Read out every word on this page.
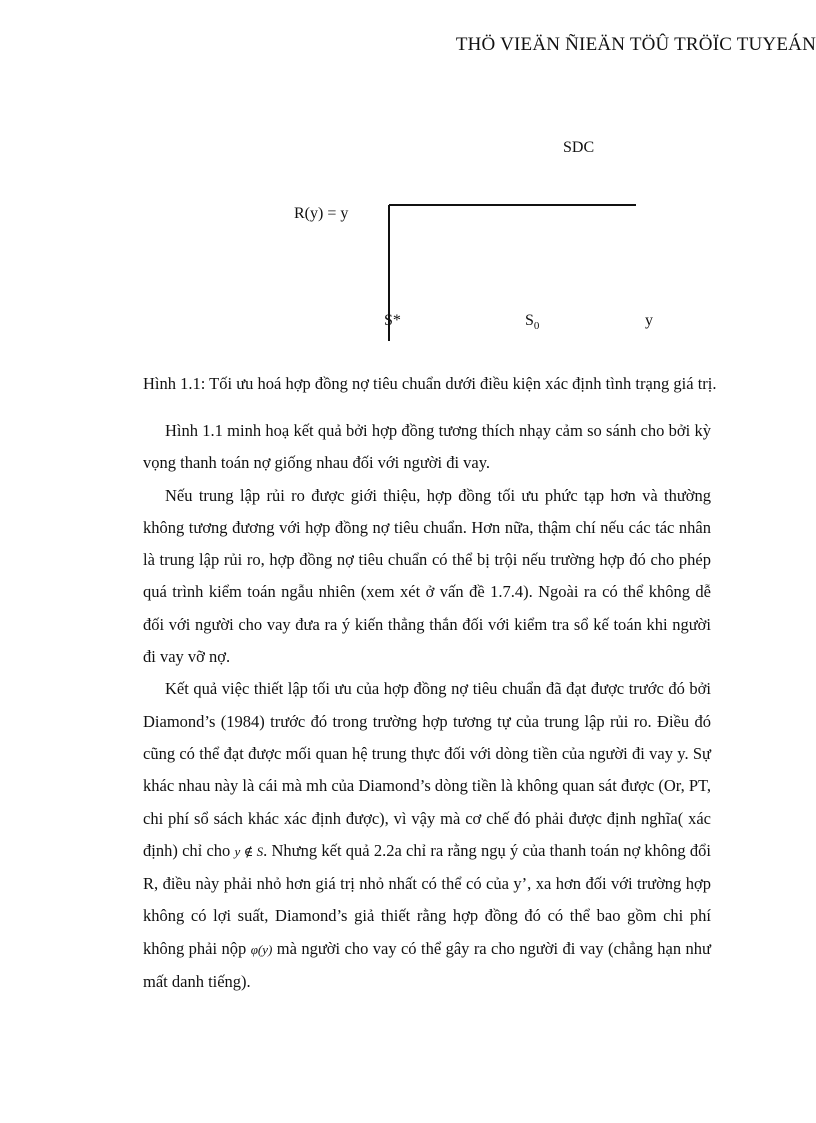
THÖ VIEÄN ÑIEÄN TÖÛ TRÖÏC TUYEÁN
SDC
R(y) = y
S*	$S_0$	y
Hình 1.1: Tối ưu hoá hợp đồng nợ tiêu chuẩn dưới điều kiện xác định tình trạng giá trị.

Hình 1.1 minh hoạ kết quả bởi hợp đồng tương thích nhạy cảm so sánh cho bởi kỳ vọng thanh toán nợ giống nhau đối với người đi vay.

Nếu trung lập rủi ro được giới thiệu, hợp đồng tối ưu phức tạp hơn và thường không tương đương với hợp đồng nợ tiêu chuẩn. Hơn nữa, thậm chí nếu các tác nhân là trung lập rủi ro, hợp đồng nợ tiêu chuẩn có thể bị trội nếu trường hợp đó cho phép quá trình kiểm toán ngẫu nhiên (xem xét ở vấn đề 1.7.4). Ngoài ra có thể không dễ đối với người cho vay đưa ra ý kiến thẳng thắn đối với kiểm tra sổ kế toán khi người đi vay vỡ nợ.

Kết quả việc thiết lập tối ưu của hợp đồng nợ tiêu chuẩn đã đạt được trước đó bởi Diamond’s (1984) trước đó trong trường hợp tương tự của trung lập rủi ro. Điều đó cũng có thể đạt được mối quan hệ trung thực đối với dòng tiền của người đi vay y. Sự khác nhau này là cái mà mh của Diamond’s dòng tiền là không quan sát được (Or, PT, chi phí sổ sách khác xác định được), vì vậy mà cơ chế đó phải được định nghĩa( xác định) chỉ cho y ∉ S. Nhưng kết quả 2.2a chỉ ra rằng ngụ ý của thanh toán nợ không đổi R, điều này phải nhỏ hơn giá trị nhỏ nhất có thể có của y’, xa hơn đối với trường hợp không có lợi suất, Diamond’s giả thiết rằng hợp đồng đó có thể bao gồm chi phí không phải nộp φ(y) mà người cho vay có thể gây ra cho người đi vay (chẳng hạn như mất danh tiếng).
